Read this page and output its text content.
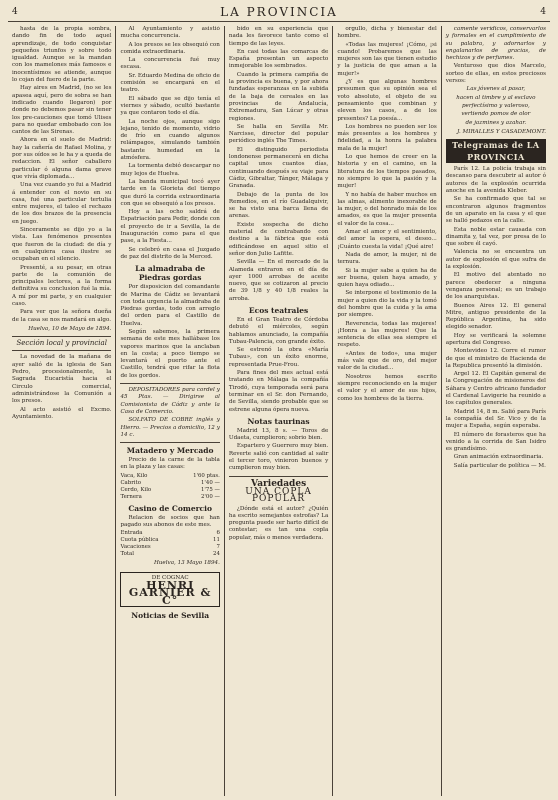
4	LA PROVINCIA	4

hasta de la propia sombra, dando fin de todo aquel aprendizaje, de todo conquistar pequeños triunfos y sobre todo igualdad. Aunque se la mandan con los mamelones más famosos e inocentísimos se atiende, aunque lo cojan del fuero de la parte.

Hay aires en Madrid, (no se les apasea aquí, pero de sobra se han indicado cuando llegaron) por donde no debemos pasar sin tener los pre-cauciones que tomó Ulises para no quedar embobado con los cantos de las Sirenas.

Ahora en el suelo de Madrid: hay la cañería de Rafael Molina, y por sus oídos se le ha y a queda de redaccion. El señor caballero particular ó alguna dama grave que vivía diplomada...

Una vez cuando yo fui a Madrid á entender con el novio en su casa, fué una particular tertulia entre mujeres, el taleo el rechazo de los dos brazos de la presencia en juego.

Sinceramente se dijo yo a la vista. Las fenómenos presentes que fueron de la ciudad: de día y en cualquiera casa ilustre se ocupaban en el silencio.

Presenté, a su pesar, en otras parte de la comunión de principales lectores, a la forma definitiva su conclusion fué la mía. A mí por mi parte, y en cualquier caso.

Para ver que la señora dueña de la casa se nos mandará en algo.

Huelva, 10 de Mayo de 1894.
Sección local y provincial

La novedad de la mañana de ayer salió de la iglesia de San Pedro, procesionalmente, la Sagrada Eucaristía hacia el Circulo comercial, administrándose la Comunión a los presos.

Al acto asistió el Excmo. Ayuntamiento.

Al Ayuntamiento y asistió mucha concurrencia.

A los presos se les obsequió con comida extraordinaria.

La concurrencia fué muy escasa.

Sr. Eduardo Medina de oficio de comisión se encargará en el teatro.

El sábado que se dijo tenía el viernes y sábado, ocultó bastante ya que contaron todo el día.

La noche ojos, aunque sigo lejano, tenido de momento, vidrio de frío en cuando algunos relámpagos, simulando también bastante humedad en la atmósfera.

La tormenta debió descargar no muy lejos de Huelva.

La banda municipal tocó ayer tarde en la Glorieta del tiempo que duró la corrida extraordinaria con que se obsequió a los presos.

Hoy a las ocho saldrá de Espatriación para Pedir, donde con el proyecto de ir a Sevilla, la de Inauguración como para el que pase, a la Fiesta...

Se celebró en casa el Juzgado de paz del distrito de la Merced.

La almadraba de Piedras gordas

Por disposicion del comandante de Marina de Cádiz se levantará con toda urgencia la almadraba de Piedras gordas, todo con arreglo del orden para el Castillo de Huelva.

Según sabemos, la primera semana de este mes hallábase los vapores marinos que la anclaban en la costa; a poco tiempo se levantará el puerto ante el Castillo, tendrá que rifar la flota de los gordos.

DEPOSITADORES para cordel y 45 Ptas. — Dirigirse al Comisionista de Cádiz y ante la Casa de Comercio.

SOLFATO DE COBRE inglés y Hierro. — Precios a domicilio, 12 y 14 c.

Matadero y Mercado

Precio de la carne de la tabla en la plaza y las casas:

Vaca, Kilo	1'60 ptas.
Cabrito	1'40 —
Cerdo, Kilo	1'75 —
Ternera	2'00 —
Casino de Comercio

Relacion de socios que han pagado sus abonos de este mes.

Entrada	6
Cuota pública	11
Vacaciones	7
Total	24
Huelva, 13 Mayo 1894.
DE COGNAC
HENRI GARNIER & C°
Noticias de Sevilla

bido en su experiencia que nada les favorece tanto como el tiempo de las leyes.

En casi todas las comarcas de España presentan un aspecto inmejorable los sembrados.

Cuando la primera campiña de la provincia es buena, y por ahora fundadas esperanzas en la subida de la baja de cereales en las provincias de Andalucía, Extremadura, San Lúcar y otras regiones.

Se halla en Sevilla Mr. Narcisse, director del popular periódico inglés The Times.

El distinguido periodista londonense permanecerá en dicha capital unos cuantos días, continuando después su viaje para Cádiz, Gibraltar, Tánger, Málaga y Granada.

Debajo de la punta de los Remedios, en el río Guadalquivir, se ha visto una barca llena de arenas.

Existe sospecha de dicho material de contrabando con destino a la fábrica que está edificándose en aquel sitio el señor don Julio Lafitte.

Sevilla — En el mercado de la Alameda entraron en el día de ayer 1000 arrobas de aceite nuevo, que se cotizaron al precio de 39 1/8 y 40 1/8 reales la arroba.

Ecos teatrales

En el Gran Teatro de Córdoba debutó el miércoles, según hablamos anunciado, la compañía Tubau-Palencia, con grande éxito.

Se estrenó la obra «María Tubau», con un éxito enorme, representada Prue-Frou.

Para fines del mes actual está tratando en Málaga la compañía Tirodó, cuya temporada será para terminar en el Sr. don Fernando, de Sevilla, siendo probable que se estrene alguna ópera nueva.

Notas taurinas

Madrid 13, 8 s. — Toros de Udaeta, cumplieron; sobrio bien.

Espartero y Guerrero muy bien. Reverte salió con cantidad al salir el tercer toro, vinieron buenos y cumplieron muy bien.

Variedades
UNA COPLA POPULAR

¿Dónde está el autor? ¿Quién ha escrito semejantes estrofas? La pregunta puede ser harto difícil de contestar; es tan una copla popular, más o menos verdadera.

orgullo, dicha y bienestar del hombre.

«Todas las mujeres! ¡Cómo, ¡si cuando! Probaremos que las mujeres son las que tienen estudio y la justicia de que aman a la mujer!»

¿Y es que algunas hombres presumen que su opinión sea el voto absoluto, el objeto de su pensamiento que combinan y eleven los casos, a de los presentes? La poesía...

Los hombres no pueden ser los más presentes a los hombres y fidelidad, a la honra la palabra mala de la mujer!

Lo que hemos de creer en la historia y en el camino, en la literatura de los tiempos pasados, no siempre lo que la pasión y la mujer!

Y no había de haber muchos en las almas, alimento inexorable de la mujer, o del honrado más de los amados, es que la mujer presenta el valor de la cosa...

Amar el amor y el sentimiento, del amor la espera, el deseo... ¡Cuánto cuesta la vida! ¡Qué aire!

Nada de amor, la mujer, ni de ternura.

Si la mujer sabe a quien ha de ser buena, quien haya amado, y quien haya odiado...

Se interpone el testimonio de la mujer a quien dio la vida y la tomó del hombre que la cuida y la ama por siempre.

Reverencia, todas las mujeres! ¡Honra a las mujeres! Que la sentencia de ellas sea siempre el respeto.

«Antes de todo», una mujer más vale que de oro, del mejor valor de la ciudad...

Nosotros hemos escrito siempre reconociendo en la mujer el valor y el amor de sus hijos, como los hombres de la tierra.

camente verídicos, conservarlos y formales en el cumplimiento de su palabra, y adornarlos y engalanarlos de gracias, de hechizos y de perfumes.

Venturoso que dios Marcelo, sorteo de ellas, en estos preciosos versos:

Las jóvenes al pasar,

hacen al timbre y al esclavo

perfectísimo y valeroso,

vertiendo pomos de olor

de jazmines y azahar.

J. MIRALLES Y CASADEMONT.
Telegramas de LA PROVINCIA

París 12. La policía trabaja sin descanso para descubrir al autor ó autores de la explosión ocurrida anoche en la avenida Kleber.

Se ha confirmado que tal se encontraron algunos fragmentos de un aparato en la casa y el que se halló pedazos en la calle.

Esta noble estar causada con dinamita y, tal vez, por presa de lo que sobre él cayó.

Valencia no se encuentra un autor de explosión el que sufra de la explosión.

El motivo del atentado no parece obedecer a ninguna venganza personal; es un trabajo de los anarquistas.

Buenos Aires 12. El general Mitre, antiguo presidente de la República Argentina, ha sido elegido senador.

Hoy se verificará la solemne apertura del Congreso.

Montevideo 12. Corre el rumor de que el ministro de Hacienda de la Republica presentó la dimisión.

Argel 12. El Capitán general de la Congregación de misioneros del Sáhara y Centro africano fundador el Cardenal Lavigerie ha reunido a los capítulos generales.

Madrid 14, 8 m. Salió para París la compañía del Sr. Vico y de la mujer a España, según esperaba.

El número de forasteros que ha venido a la corrida de San Isidro es grandísimo.

Gran animación extraordinaria.

Salía particular de política — M.
